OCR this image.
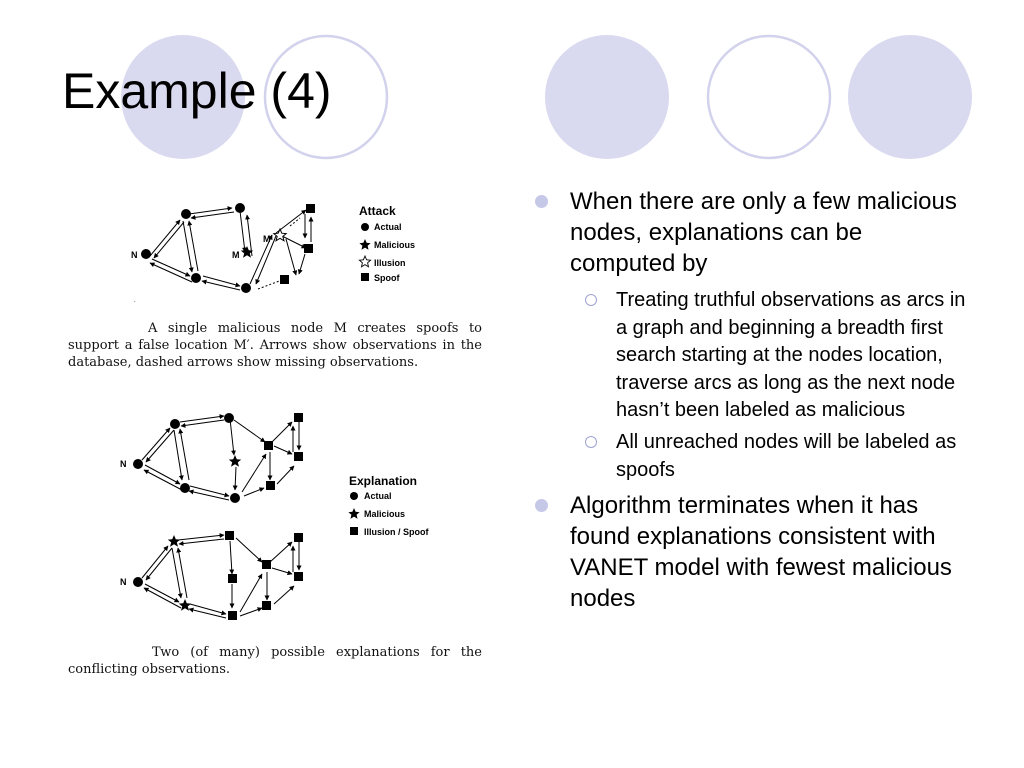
Example (4)
N	M
M'
.
Attack
Actual
Malicious
Illusion
Spoof
N
Explanation
Actual
Malicious
Illusion / Spoof
N

A single malicious node M creates spoofs to support a false location M′. Arrows show observations in the database, dashed arrows show missing observations.

Two (of many) possible explanations for the conflicting observations.

When there are only a few malicious nodes, explanations can be computed by
Treating truthful observations as arcs in a graph and beginning a breadth first search starting at the nodes location, traverse arcs as long as the next node hasn’t been labeled as malicious
All unreached nodes will be labeled as spoofs
Algorithm terminates when it has found explanations consistent with VANET model with fewest malicious nodes
